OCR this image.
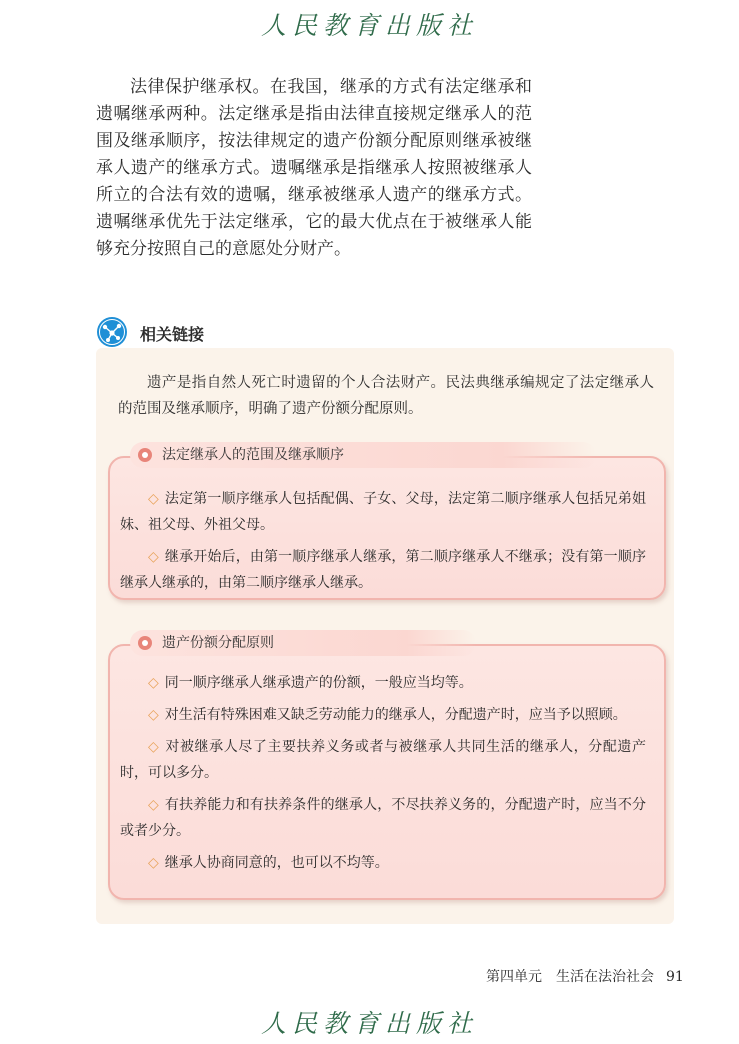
人民教育出版社

法律保护继承权。在我国，继承的方式有法定继承和遗嘱继承两种。法定继承是指由法律直接规定继承人的范围及继承顺序，按法律规定的遗产份额分配原则继承被继承人遗产的继承方式。遗嘱继承是指继承人按照被继承人所立的合法有效的遗嘱，继承被继承人遗产的继承方式。遗嘱继承优先于法定继承，它的最大优点在于被继承人能够充分按照自己的意愿处分财产。

相关链接

遗产是指自然人死亡时遗留的个人合法财产。民法典继承编规定了法定继承人的范围及继承顺序，明确了遗产份额分配原则。

◇ 法定第一顺序继承人包括配偶、子女、父母，法定第二顺序继承人包括兄弟姐妹、祖父母、外祖父母。
◇ 继承开始后，由第一顺序继承人继承，第二顺序继承人不继承；没有第一顺序继承人继承的，由第二顺序继承人继承。
法定继承人的范围及继承顺序
◇ 同一顺序继承人继承遗产的份额，一般应当均等。
◇ 对生活有特殊困难又缺乏劳动能力的继承人，分配遗产时，应当予以照顾。
◇ 对被继承人尽了主要扶养义务或者与被继承人共同生活的继承人，分配遗产时，可以多分。
◇ 有扶养能力和有扶养条件的继承人，不尽扶养义务的，分配遗产时，应当不分或者少分。
◇ 继承人协商同意的，也可以不均等。
遗产份额分配原则
第四单元　生活在法治社会 91
人民教育出版社
